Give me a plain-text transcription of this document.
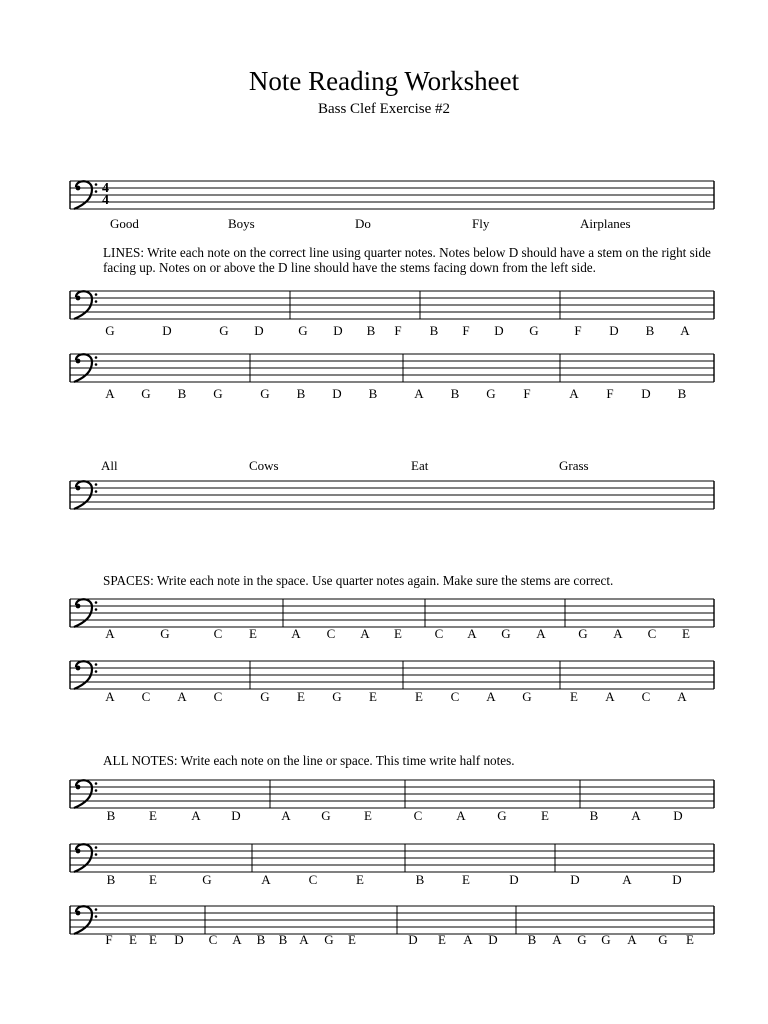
Note Reading Worksheet
Bass Clef Exercise #2
4
4
Good	Boys	Do	Fly	Airplanes
LINES: Write each note on the correct line using quarter notes. Notes below D should have a stem on the right side facing up. Notes on or above the D line should have the stems facing down from the left side.
G	D	G D	G D B F B F D G	F D B A
A G B G	G B D B	A B G F	A F D B
All	Cows	Eat	Grass
SPACES: Write each note in the space. Use quarter notes again. Make sure the stems are correct.
A	G	C E	A C A E	C A G A	G A C E
A C A C	G E G E	E C A G	E A C A
ALL NOTES: Write each note on the line or space. This time write half notes.
B	E	A D	A G	E	C	A G	E	B	A	D
B	E	G	A	C	E	B	E	D	D	A	D
F E E D C A B B A G E	D E A D B A G G A G E
